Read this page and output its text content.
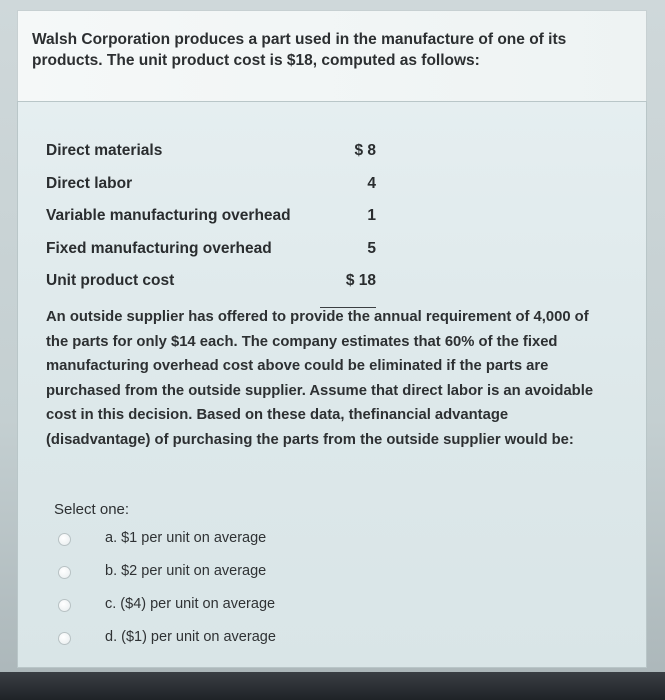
Walsh Corporation produces a part used in the manufacture of one of its products. The unit product cost is $18, computed as follows:
Direct materials	$ 8
Direct labor	4
Variable manufacturing overhead	1
Fixed manufacturing overhead	5
Unit product cost	$ 18
An outside supplier has offered to provide the annual requirement of 4,000 of the parts for only $14 each. The company estimates that 60% of the fixed manufacturing overhead cost above could be eliminated if the parts are purchased from the outside supplier. Assume that direct labor is an avoidable cost in this decision. Based on these data, thefinancial advantage (disadvantage) of purchasing the parts from the outside supplier would be:
Select one:
a. $1 per unit on average
b. $2 per unit on average
c. ($4) per unit on average
d. ($1) per unit on average
